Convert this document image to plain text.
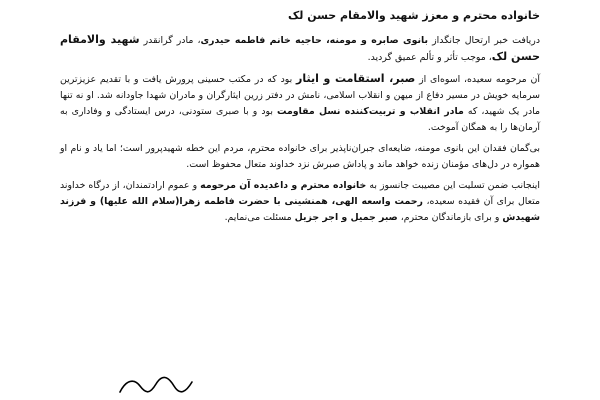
خانواده محترم و معزز شهید والامقام حسن لک

دریافت خبر ارتحال جانگداز بانوی صابره و مومنه، حاجیه خانم فاطمه حیدری، مادر گرانقدر شهید والامقام حسن لک، موجب تأثر و تألم عمیق گردید.

آن مرحومه سعیده، اسوه‌ای از صبر، استقامت و ایثار بود که در مکتب حسینی پرورش یافت و با تقدیم عزیزترین سرمایه خویش در مسیر دفاع از میهن و انقلاب اسلامی، نامش در دفتر زرین ایثارگران و مادران شهدا جاودانه شد. او نه تنها مادر یک شهید، که مادر انقلاب و تربیت‌کننده نسل مقاومت بود و با صبری ستودنی، درس ایستادگی و وفاداری به آرمان‌ها را به همگان آموخت.

بی‌گمان فقدان این بانوی مومنه، ضایعه‌ای جبران‌ناپذیر برای خانواده محترم، مردم این خطه شهیدپرور است؛ اما یاد و نام او همواره در دل‌های مؤمنان زنده خواهد ماند و پاداش صبرش نزد خداوند متعال محفوظ است.

اینجانب ضمن تسلیت این مصیبت جانسوز به خانواده محترم و داغدیده آن مرحومه و عموم ارادتمندان، از درگاه خداوند متعال برای آن فقیده سعیده، رحمت واسعه الهی، همنشینی با حضرت فاطمه زهرا(سلام الله علیها) و فرزند شهیدش و برای بازماندگان محترم، صبر جمیل و اجر جزیل مسئلت می‌نمایم.
